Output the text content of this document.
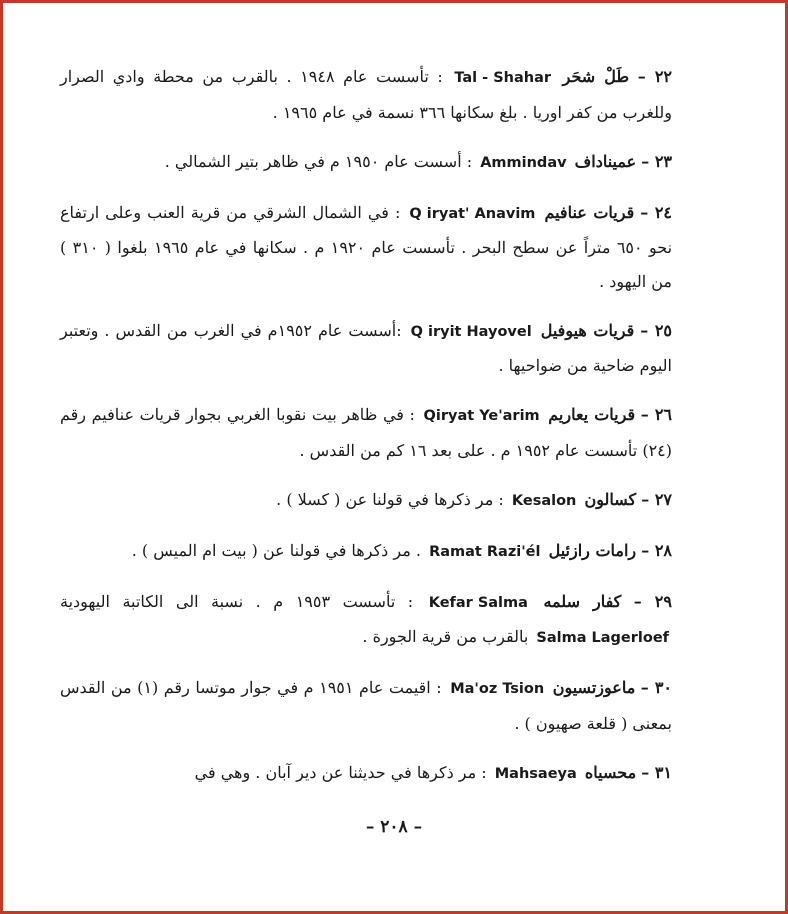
٢٢ – طَلْ شحَر Tal - Shahar : تأسست عام ١٩٤٨ . بالقرب من محطة وادي الصرار وللغرب من كفر اوريا . بلغ سكانها ٣٦٦ نسمة في عام ١٩٦٥ .

٢٣ – عميناداف Ammindav : أسست عام ١٩٥٠ م في ظاهر بتير الشمالي .

٢٤ – قريات عنافيم Q iryat' Anavim : في الشمال الشرقي من قرية العنب وعلى ارتفاع نحو ٦٥٠ متراً عن سطح البحر . تأسست عام ١٩٢٠ م . سكانها في عام ١٩٦٥ بلغوا ( ٣١٠ ) من اليهود .

٢٥ – قريات هيوفيل Q iryit Hayovel :أسست عام ١٩٥٢م في الغرب من القدس . وتعتبر اليوم ضاحية من ضواحيها .

٢٦ – قريات يعاريم Qiryat Ye'arim : في ظاهر بيت نقوبا الغربي بجوار قريات عنافيم رقم (٢٤) تأسست عام ١٩٥٢ م . على بعد ١٦ كم من القدس .

٢٧ – كسالون Kesalon : مر ذكرها في قولنا عن ( كسلا ) .

٢٨ – رامات رازئيل Ramat Razi'él . مر ذكرها في قولنا عن ( بيت ام الميس ) .

٢٩ – كفار سلمه Kefar Salma : تأسست ١٩٥٣ م . نسبة الى الكاتبة اليهودية Salma Lagerloef بالقرب من قرية الجورة .

٣٠ – ماعوزتسيون Ma'oz Tsion : اقيمت عام ١٩٥١ م في جوار موتسا رقم (١) من القدس بمعنى ( قلعة صهيون ) .

٣١ – محسياه Mahsaeya : مر ذكرها في حديثنا عن دير آبان . وهي في

– ٢٠٨ –
